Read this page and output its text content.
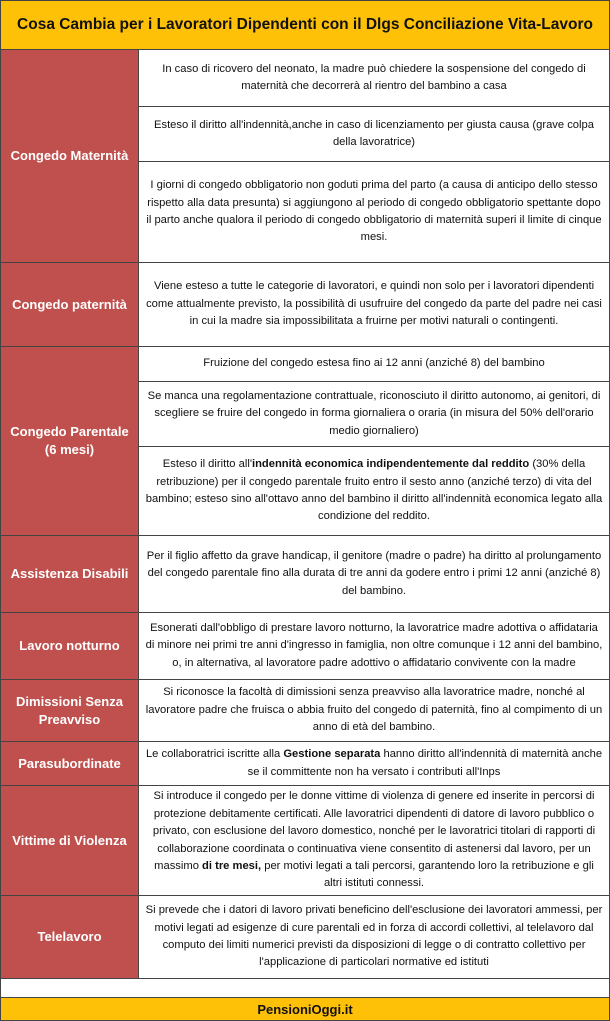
Cosa Cambia per i Lavoratori Dipendenti con il Dlgs Conciliazione Vita-Lavoro
Congedo Maternità
In caso di ricovero del neonato, la madre può chiedere la sospensione del congedo di maternità che decorrerà al rientro del bambino a casa
Esteso il diritto all'indennità,anche in caso di licenziamento per giusta causa (grave colpa della lavoratrice)
I giorni di congedo obbligatorio non goduti prima del parto (a causa di anticipo dello stesso rispetto alla data presunta) si aggiungono al periodo di congedo obbligatorio spettante dopo il parto anche qualora il periodo di congedo obbligatorio di maternità superi il limite di cinque mesi.
Congedo paternità
Viene esteso a tutte le categorie di lavoratori, e quindi non solo per i lavoratori dipendenti come attualmente previsto, la possibilità di usufruire del congedo da parte del padre nei casi in cui la madre sia impossibilitata a fruirne per motivi naturali o contingenti.
Congedo Parentale (6 mesi)
Fruizione del congedo estesa fino ai 12 anni (anziché 8) del bambino
Se manca una regolamentazione contrattuale, riconosciuto il diritto autonomo, ai genitori, di scegliere se fruire del congedo in forma giornaliera o oraria (in misura del 50% dell'orario medio giornaliero)
Esteso il diritto all'indennità economica indipendentemente dal reddito (30% della retribuzione) per il congedo parentale fruito entro il sesto anno (anziché terzo) di vita del bambino; esteso sino all'ottavo anno del bambino il diritto all'indennità economica legato alla condizione del reddito.
Assistenza Disabili
Per il figlio affetto da grave handicap, il genitore (madre o padre) ha diritto al prolungamento del congedo parentale fino alla durata di tre anni da godere entro i primi 12 anni (anziché 8) del bambino.
Lavoro notturno
Esonerati dall'obbligo di prestare lavoro notturno, la lavoratrice madre adottiva o affidataria di minore nei primi tre anni d'ingresso in famiglia, non oltre comunque i 12 anni del bambino, o, in alternativa, al lavoratore padre adottivo o affidatario convivente con la madre
Dimissioni Senza Preavviso
Si riconosce la facoltà di dimissioni senza preavviso alla lavoratrice madre, nonché al lavoratore padre che fruisca o abbia fruito del congedo di paternità, fino al compimento di un anno di età del bambino.
Parasubordinate
Le collaboratrici iscritte alla Gestione separata hanno diritto all'indennità di maternità anche se il committente non ha versato i contributi all'Inps
Vittime di Violenza
Si introduce il congedo per le donne vittime di violenza di genere ed inserite in percorsi di protezione debitamente certificati. Alle lavoratrici dipendenti di datore di lavoro pubblico o privato, con esclusione del lavoro domestico, nonché per le lavoratrici titolari di rapporti di collaborazione coordinata o continuativa viene consentito di astenersi dal lavoro, per un massimo di tre mesi, per motivi legati a tali percorsi, garantendo loro la retribuzione e gli altri istituti connessi.
Telelavoro
Si prevede che i datori di lavoro privati beneficino dell'esclusione dei lavoratori ammessi, per motivi legati ad esigenze di cure parentali ed in forza di accordi collettivi, al telelavoro dal computo dei limiti numerici previsti da disposizioni di legge o di contratto collettivo per l'applicazione di particolari normative ed istituti
PensioniOggi.it
